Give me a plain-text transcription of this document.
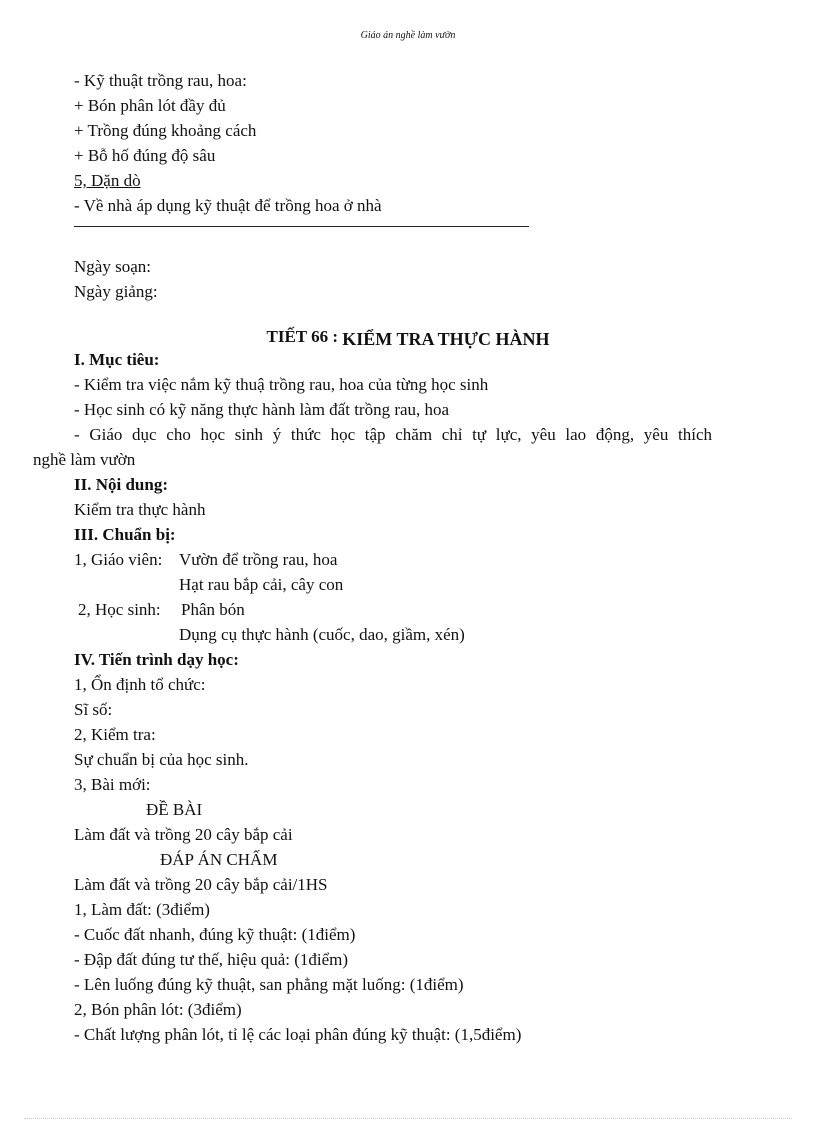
Giáo án nghề làm vườn
- Kỹ thuật trồng rau, hoa:
+ Bón phân lót đầy đủ
+ Trồng đúng khoảng cách
+ Bỗ hố đúng độ sâu
5, Dặn dò
- Về nhà áp dụng kỹ thuật để trồng hoa ở nhà
Ngày soạn:
Ngày giảng:
TIẾT 66 : KIỂM TRA THỰC HÀNH
I. Mục tiêu:
- Kiểm tra việc nắm kỹ thuậ trồng rau, hoa của từng học sinh
- Học sinh có kỹ năng thực hành làm đất trồng rau, hoa
- Giáo dục cho học sinh ý thức học tập chăm chỉ tự lực, yêu lao động, yêu thích
nghề làm vườn
II. Nội dung:
Kiểm tra thực hành
III. Chuẩn bị:
1, Giáo viên: Vườn để trồng rau, hoa
Hạt rau bắp cải, cây con
2, Học sinh:	Phân bón
Dụng cụ thực hành (cuốc, dao, giầm, xén)
IV. Tiến trình dạy học:
1, Ổn định tổ chức:
Sĩ số:
2, Kiểm tra:
Sự chuẩn bị của học sinh.
3, Bài mới:
ĐỀ BÀI
Làm đất và trồng 20 cây bắp cải
ĐÁP ÁN CHẤM
Làm đất và trồng 20 cây bắp cải/1HS
1, Làm đất: (3điểm)
- Cuốc đất nhanh, đúng kỹ thuật: (1điểm)
- Đập đất đúng tư thế, hiệu quả: (1điểm)
- Lên luống đúng kỹ thuật, san phẳng mặt luống: (1điểm)
2, Bón phân lót: (3điểm)
- Chất lượng phân lót, tỉ lệ các loại phân đúng kỹ thuật: (1,5điểm)
